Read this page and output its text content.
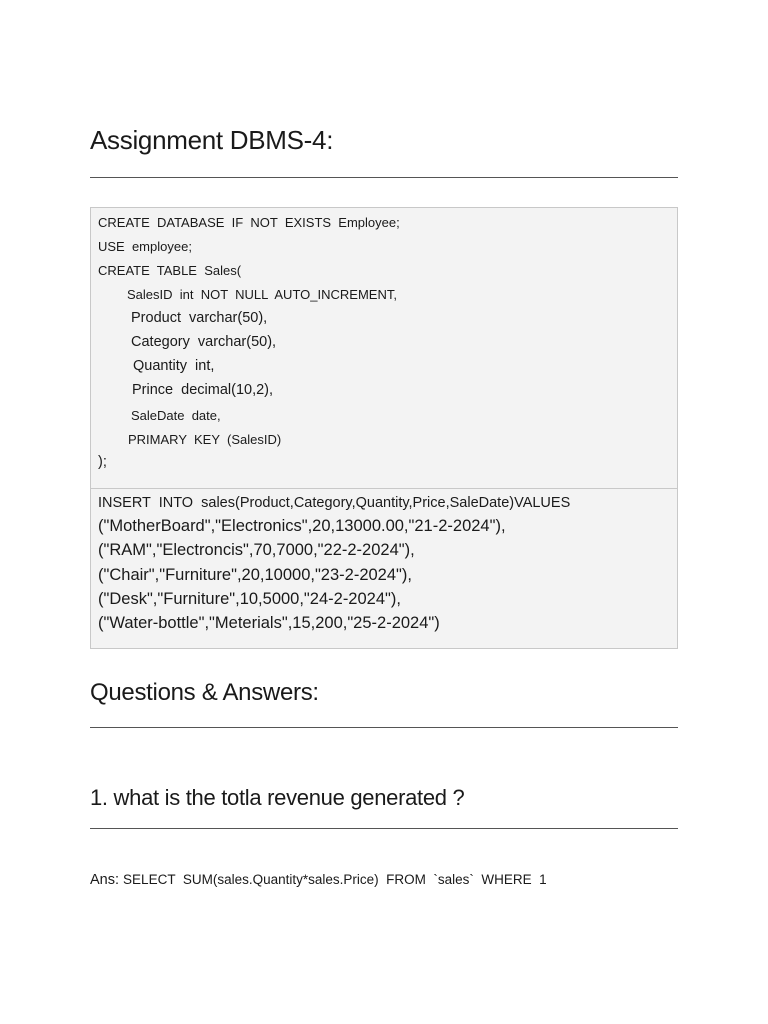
Assignment DBMS-4:
CREATE  DATABASE  IF  NOT  EXISTS  Employee;
USE  employee;
CREATE  TABLE  Sales(
SalesID  int  NOT  NULL  AUTO_INCREMENT,
Product  varchar(50),
Category  varchar(50),
Quantity  int,
Prince  decimal(10,2),
SaleDate  date,
PRIMARY  KEY  (SalesID)
);
INSERT  INTO  sales(Product,Category,Quantity,Price,SaleDate)VALUES
("MotherBoard","Electronics",20,13000.00,"21-2-2024"),
("RAM","Electroncis",70,7000,"22-2-2024"),
("Chair","Furniture",20,10000,"23-2-2024"),
("Desk","Furniture",10,5000,"24-2-2024"),
("Water-bottle","Meterials",15,200,"25-2-2024")
Questions & Answers:
1. what is the totla revenue generated ?
Ans: SELECT  SUM(sales.Quantity*sales.Price)  FROM  `sales`  WHERE  1
